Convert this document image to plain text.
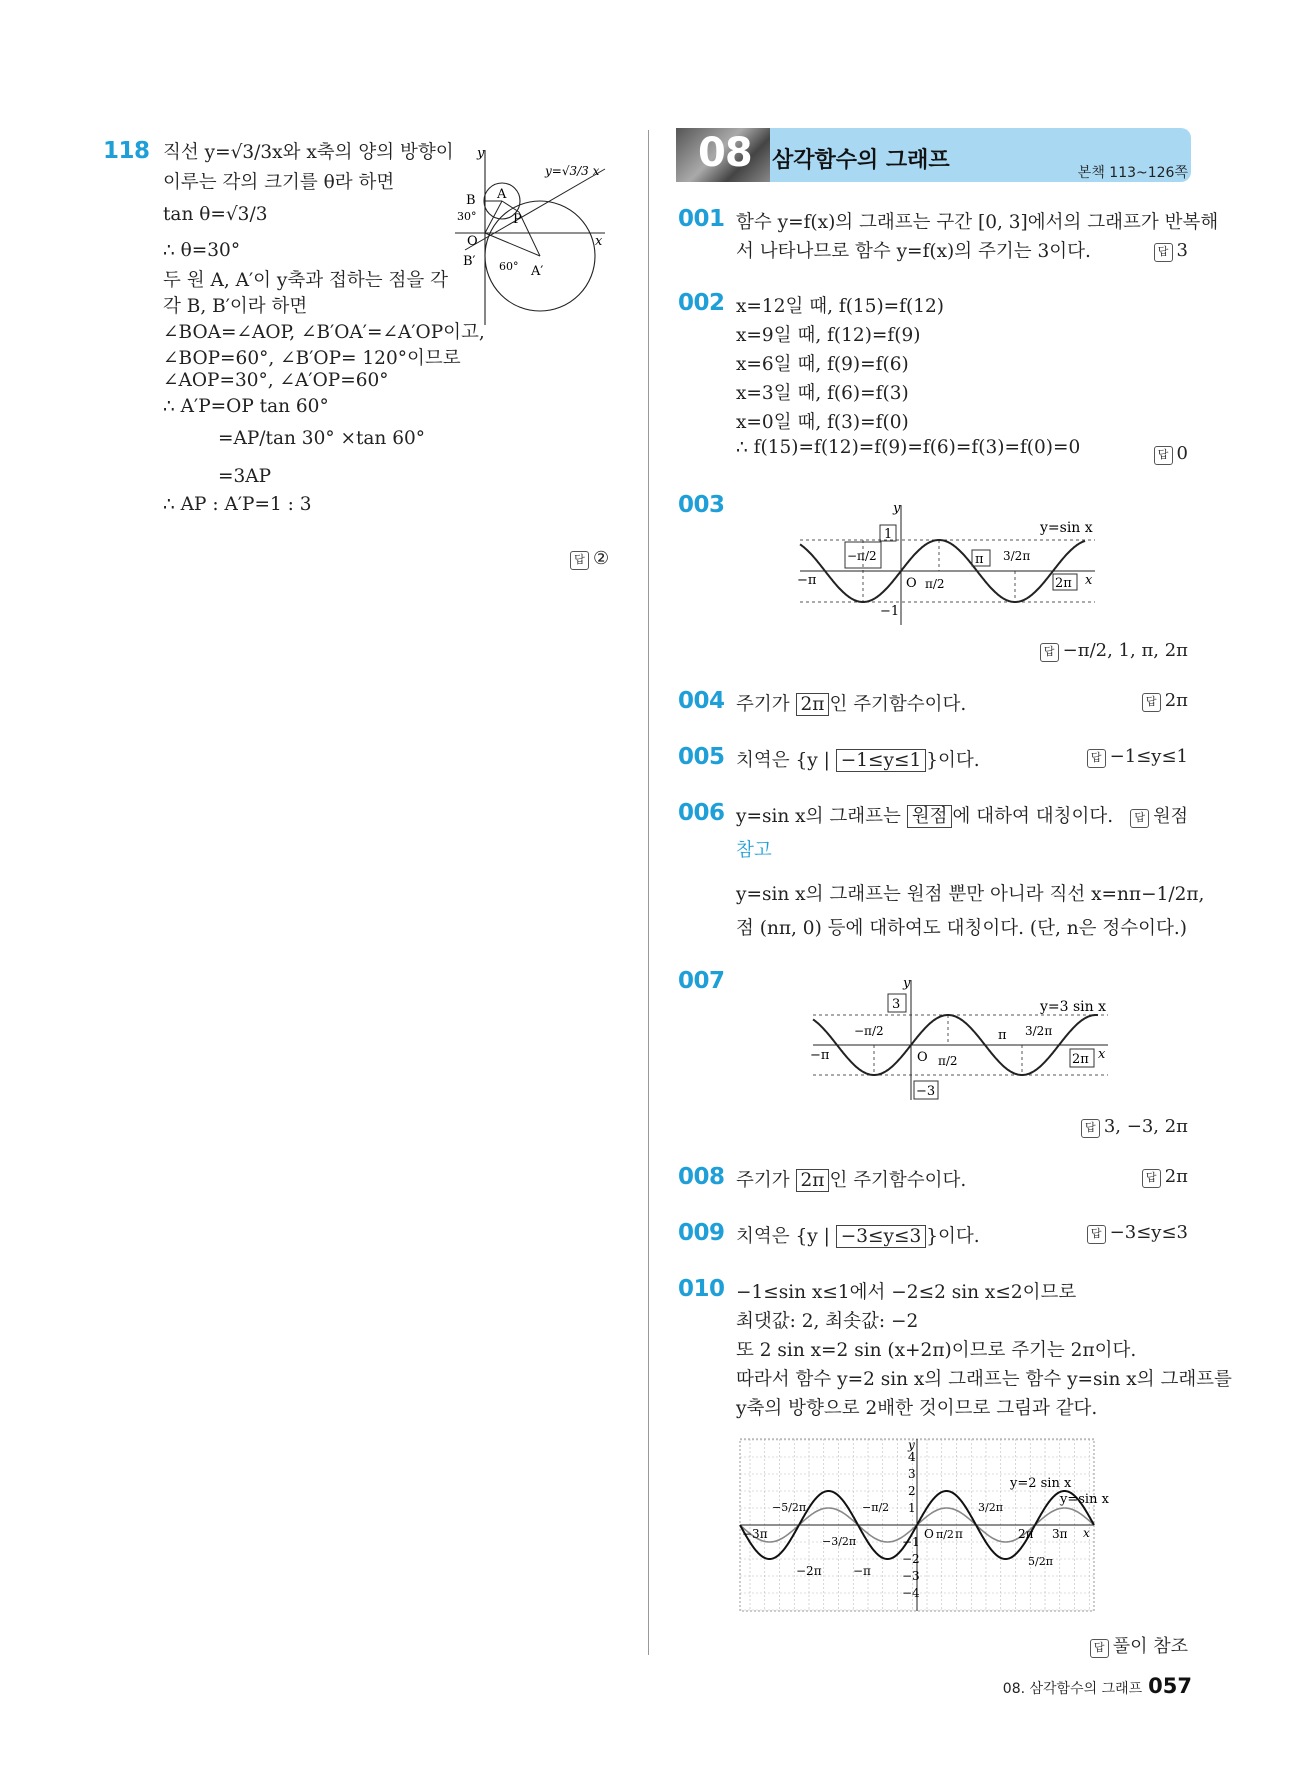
118 직선 y=√3/3x와 x축의 양의 방향이
이루는 각의 크기를 θ라 하면
tan θ=√3/3
∴ θ=30°
두 원 A, A′이 y축과 접하는 점을 각
각 B, B′이라 하면
∠BOA=∠AOP, ∠B′OA′=∠A′OP이고,
∠BOP=60°, ∠B′OP= 120°이므로
∠AOP=30°, ∠A′OP=60°
∴ A′P=OP tan 60°
=AP/tan 30° ×tan 60°
=3AP
∴ AP : A′P=1 : 3
답 ②
y
x
y=√3/3 x
A
A′
B
B′
O
P
30°
60°
08 삼각함수의 그래프	본책 113~126쪽
001 함수 y=f(x)의 그래프는 구간 [0, 3]에서의 그래프가 반복해
서 나타나므로 함수 y=f(x)의 주기는 3이다.	답 3
002 x=12일 때, f(15)=f(12)
x=9일 때, f(12)=f(9)
x=6일 때, f(9)=f(6)
x=3일 때, f(6)=f(3)
x=0일 때, f(3)=f(0)
∴ f(15)=f(12)=f(9)=f(6)=f(3)=f(0)=0	답 0
003
답 −π/2, 1, π, 2π
004 주기가 2π 인 주기함수이다.	답 2π
005 치역은 {y | −1≤y≤1 }이다.	답 −1≤y≤1
006 y=sin x의 그래프는 원점 에 대하여 대칭이다.
참고
y=sin x의 그래프는 원점 뿐만 아니라 직선 x=nπ−1/2π,
점 (nπ, 0) 등에 대하여도 대칭이다. (단, n은 정수이다.)
답 원점
007
답 3, −3, 2π
008 주기가 2π 인 주기함수이다.	답 2π
009 치역은 {y | −3≤y≤3 }이다.	답 −3≤y≤3
010 −1≤sin x≤1에서 −2≤2 sin x≤2이므로
최댓값: 2, 최솟값: −2
또 2 sin x=2 sin (x+2π)이므로 주기는 2π이다.
따라서 함수 y=2 sin x의 그래프는 함수 y=sin x의 그래프를
y축의 방향으로 2배한 것이므로 그림과 같다.
답 풀이 참조
y
x
O
y=sin x
1
−1
−π
−π/2
π/2
π 3/2π
2π
y
x
O
y=3 sin x
3
−3
−π
−π/2
π/2
π 3/2π
2π
y
x
O
y=2 sin x
y=sin x
4
3
2
1
−1
−2
−3
−4
−3π
−5/2π
−2π
−3/2π
−π
−π/2
π/2 π
3/2π
2π
5/2π
3π
08. 삼각함수의 그래프 057
